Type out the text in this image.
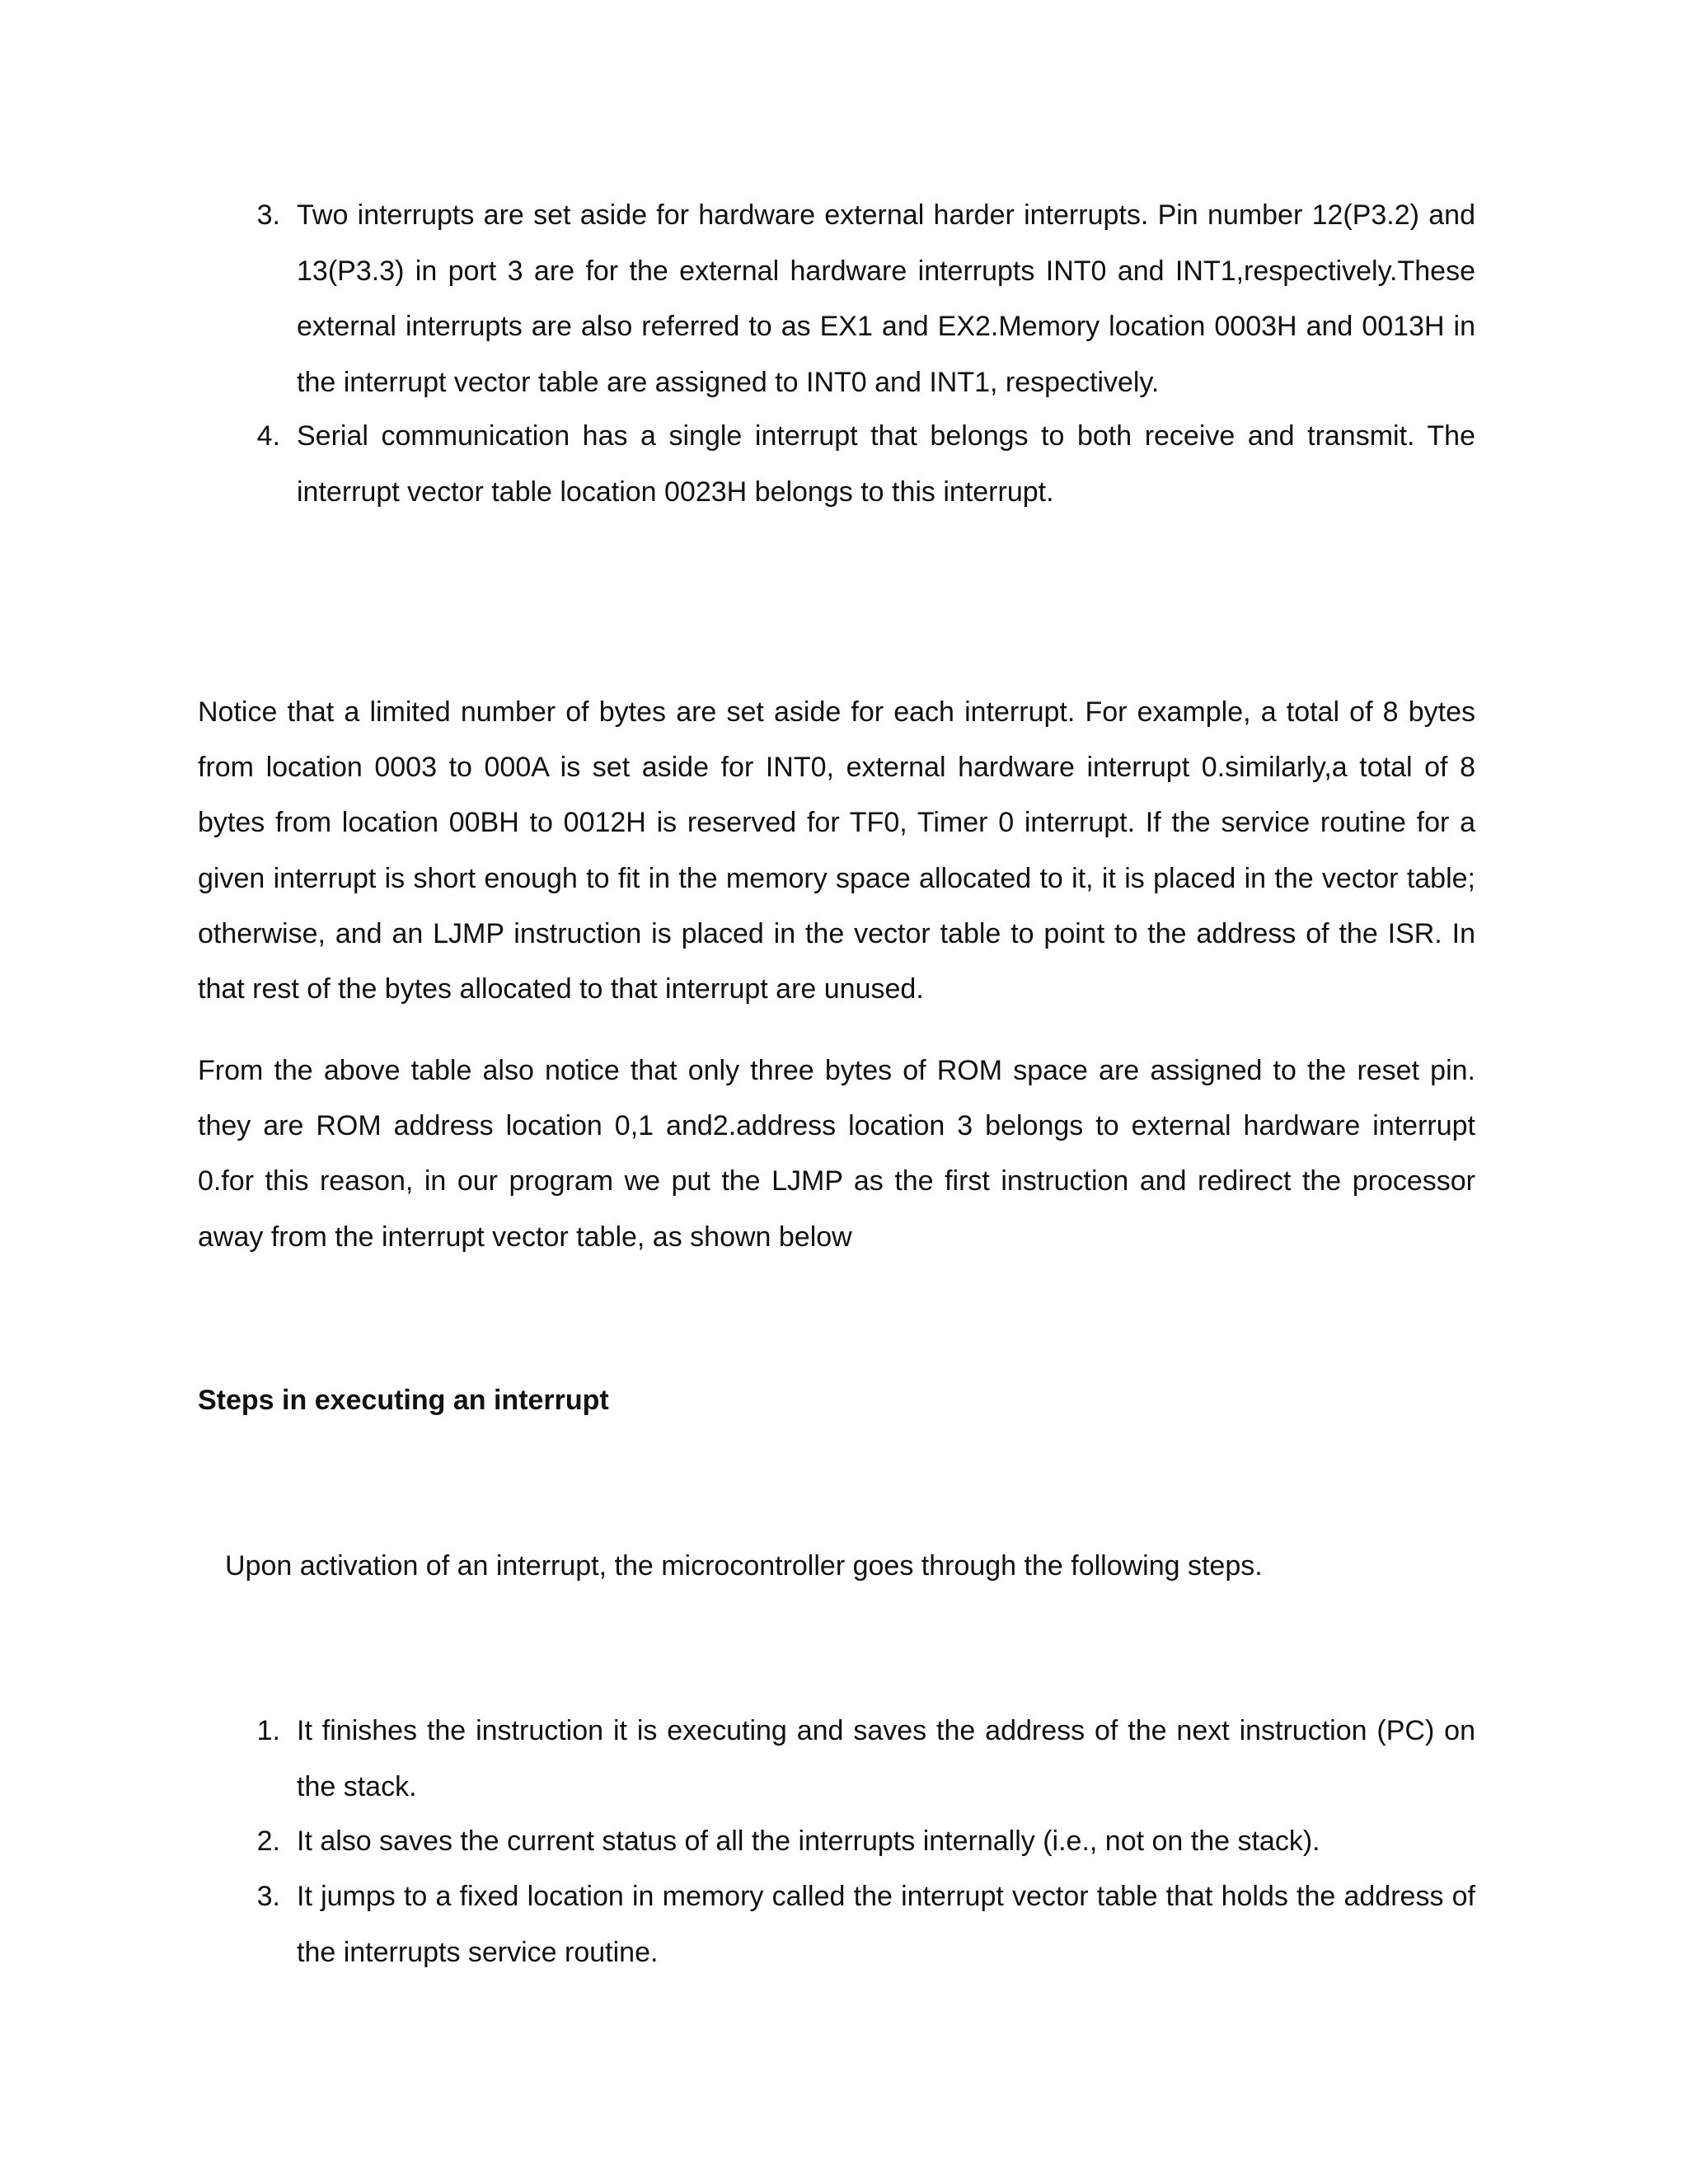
3. Two interrupts are set aside for hardware external harder interrupts. Pin number 12(P3.2) and 13(P3.3) in port 3 are for the external hardware interrupts INT0 and INT1,respectively.These external interrupts are also referred to as EX1 and EX2.Memory location 0003H and 0013H in the interrupt vector table are assigned to INT0 and INT1, respectively.
4. Serial communication has a single interrupt that belongs to both receive and transmit. The interrupt vector table location 0023H belongs to this interrupt.
Notice that a limited number of bytes are set aside for each interrupt. For example, a total of 8 bytes from location 0003 to 000A is set aside for INT0, external hardware interrupt 0.similarly,a total of 8 bytes from location 00BH to 0012H is reserved for TF0, Timer 0 interrupt. If the service routine for a given interrupt is short enough to fit in the memory space allocated to it, it is placed in the vector table; otherwise, and an LJMP instruction is placed in the vector table to point to the address of the ISR. In that rest of the bytes allocated to that interrupt are unused.
From the above table also notice that only three bytes of ROM space are assigned to the reset pin. they are ROM address location 0,1 and2.address location 3 belongs to external hardware interrupt 0.for this reason, in our program we put the LJMP as the first instruction and redirect the processor away from the interrupt vector table, as shown below
Steps in executing an interrupt
Upon activation of an interrupt, the microcontroller goes through the following steps.
1. It finishes the instruction it is executing and saves the address of the next instruction (PC) on the stack.
2. It also saves the current status of all the interrupts internally (i.e., not on the stack).
3. It jumps to a fixed location in memory called the interrupt vector table that holds the address of the interrupts service routine.
